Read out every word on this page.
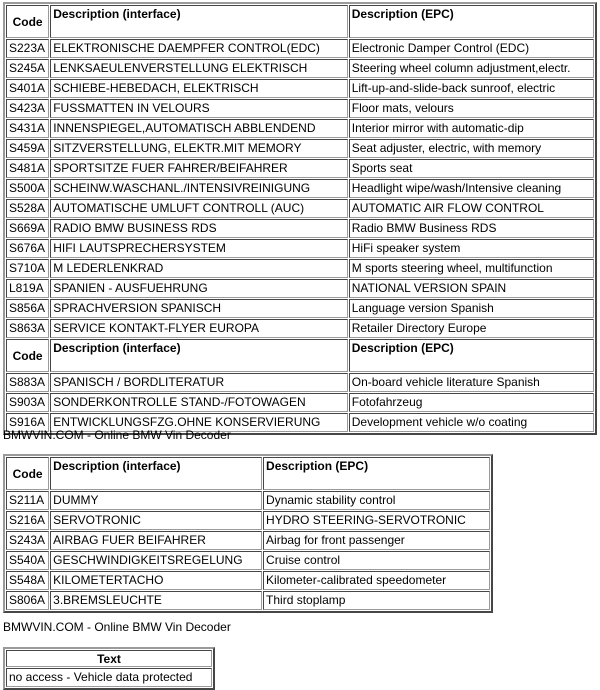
Code	Description (interface)	Description (EPC)
S223A	ELEKTRONISCHE DAEMPFER CONTROL(EDC)	Electronic Damper Control (EDC)
S245A	LENKSAEULENVERSTELLUNG ELEKTRISCH	Steering wheel column adjustment,electr.
S401A	SCHIEBE-HEBEDACH, ELEKTRISCH	Lift-up-and-slide-back sunroof, electric
S423A	FUSSMATTEN IN VELOURS	Floor mats, velours
S431A	INNENSPIEGEL,AUTOMATISCH ABBLENDEND	Interior mirror with automatic-dip
S459A	SITZVERSTELLUNG, ELEKTR.MIT MEMORY	Seat adjuster, electric, with memory
S481A	SPORTSITZE FUER FAHRER/BEIFAHRER	Sports seat
S500A	SCHEINW.WASCHANL./INTENSIVREINIGUNG	Headlight wipe/wash/Intensive cleaning
S528A	AUTOMATISCHE UMLUFT CONTROLL (AUC)	AUTOMATIC AIR FLOW CONTROL
S669A	RADIO BMW BUSINESS RDS	Radio BMW Business RDS
S676A	HIFI LAUTSPRECHERSYSTEM	HiFi speaker system
S710A	M LEDERLENKRAD	M sports steering wheel, multifunction
L819A	SPANIEN - AUSFUEHRUNG	NATIONAL VERSION SPAIN
S856A	SPRACHVERSION SPANISCH	Language version Spanish
S863A	SERVICE KONTAKT-FLYER EUROPA	Retailer Directory Europe
Code	Description (interface)	Description (EPC)
S883A	SPANISCH / BORDLITERATUR	On-board vehicle literature Spanish
S903A	SONDERKONTROLLE STAND-/FOTOWAGEN	Fotofahrzeug
S916A	ENTWICKLUNGSFZG.OHNE KONSERVIERUNG	Development vehicle w/o coating
BMWVIN.COM - Online BMW Vin Decoder
Code	Description (interface)	Description (EPC)
S211A	DUMMY	Dynamic stability control
S216A	SERVOTRONIC	HYDRO STEERING-SERVOTRONIC
S243A	AIRBAG FUER BEIFAHRER	Airbag for front passenger
S540A	GESCHWINDIGKEITSREGELUNG	Cruise control
S548A	KILOMETERTACHO	Kilometer-calibrated speedometer
S806A	3.BREMSLEUCHTE	Third stoplamp
BMWVIN.COM - Online BMW Vin Decoder
Text
no access - Vehicle data protected
